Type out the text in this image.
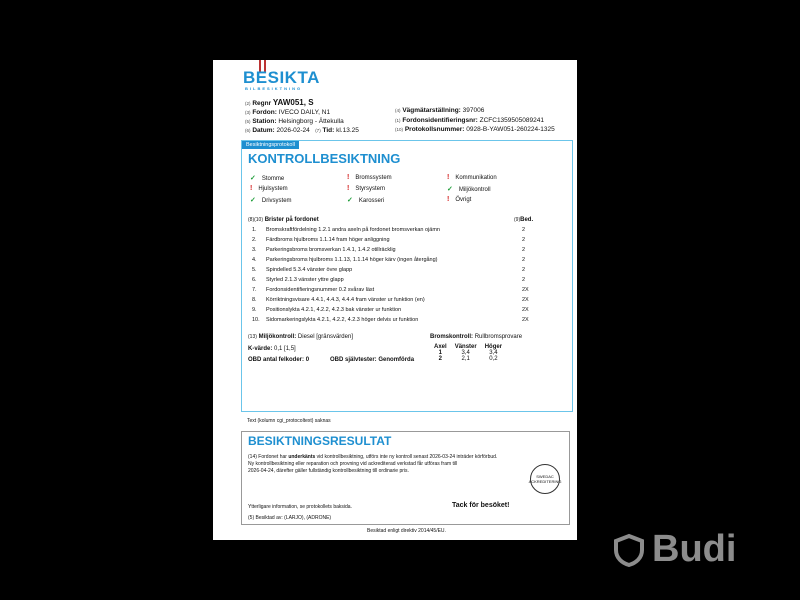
BESIKTA
BILBESIKTNING
(2) Regnr YAW051, S
(3) Fordon: IVECO DAILY, N1
(5) Station: Helsingborg - Ättekulla
(6) Datum: 2026-02-24 (7) Tid: kl.13.25
(4) Vägmätarställning: 397006
(1) Fordonsidentifieringsnr: ZCFC1359505089241
(10) Protokollsnummer: 0928-B-YAW051-260224-1325
Besiktningsprotokoll
KONTROLLBESIKTNING
✓ Stomme	! Bromssystem	! Kommunikation
! Hjulsystem	! Styrsystem	✓ Miljökontroll
✓ Drivsystem	✓ Karosseri	! Övrigt
(8)(10) Brister på fordonet	(9)Bed.
1. Bromskraftfördelning 1.2.1 andra axeln på fordonet bromsverkan ojämn	2
2. Färdbroms hjulbroms 1.1.14 fram höger anliggning	2
3. Parkeringsbroms bromsverkan 1.4.1, 1.4.2 otillräcklig	2
4. Parkeringsbroms hjulbroms 1.1.13, 1.1.14 höger kärv (ingen återgång)	2
5. Spindelled 5.3.4 vänster övre glapp	2
6. Styrled 2.1.3 vänster yttre glapp	2
7. Fordonsidentifieringsnummer 0.2 svårav läst	2X
8. Körriktningsvisare 4.4.1, 4.4.3, 4.4.4 fram vänster ur funktion (en)	2X
9. Positionslykta 4.2.1, 4.2.2, 4.2.3 bak vänster ur funktion	2X
10. Sidomarkeringslykta 4.2.1, 4.2.2, 4.2.3 höger delvis ur funktion	2X
(13) Miljökontroll: Diesel [gränsvärden]
K-värde: 0,1 [1,5]
OBD antal felkoder: 0	OBD självtester: Genomförda
Bromskontroll: Rullbromsprovare
Axel	Vänster	Höger
1	3,4	3,4
2	2,1	0,2
Text (kolumn cgi_protocoltext) saknas
BESIKTNINGSRESULTAT
(14) Fordonet har underkänts vid kontrollbesiktning, utförs inte ny kontroll senast 2026-03-24 inträder körförbud.
Ny kontrollbesiktning eller reparation och provning vid ackrediterad verkstad får utföras fram till
2026-04-24, därefter gäller fullständig kontrollbesiktning till ordinarie pris.
SWEDAC ACKREDITERING
Ytterligare information, se protokollets baksida.	Tack för besöket!
(5) Besiktad av: (LARJO), (ADRONE)
Besiktad enligt direktiv 2014/45/EU.	Budi
